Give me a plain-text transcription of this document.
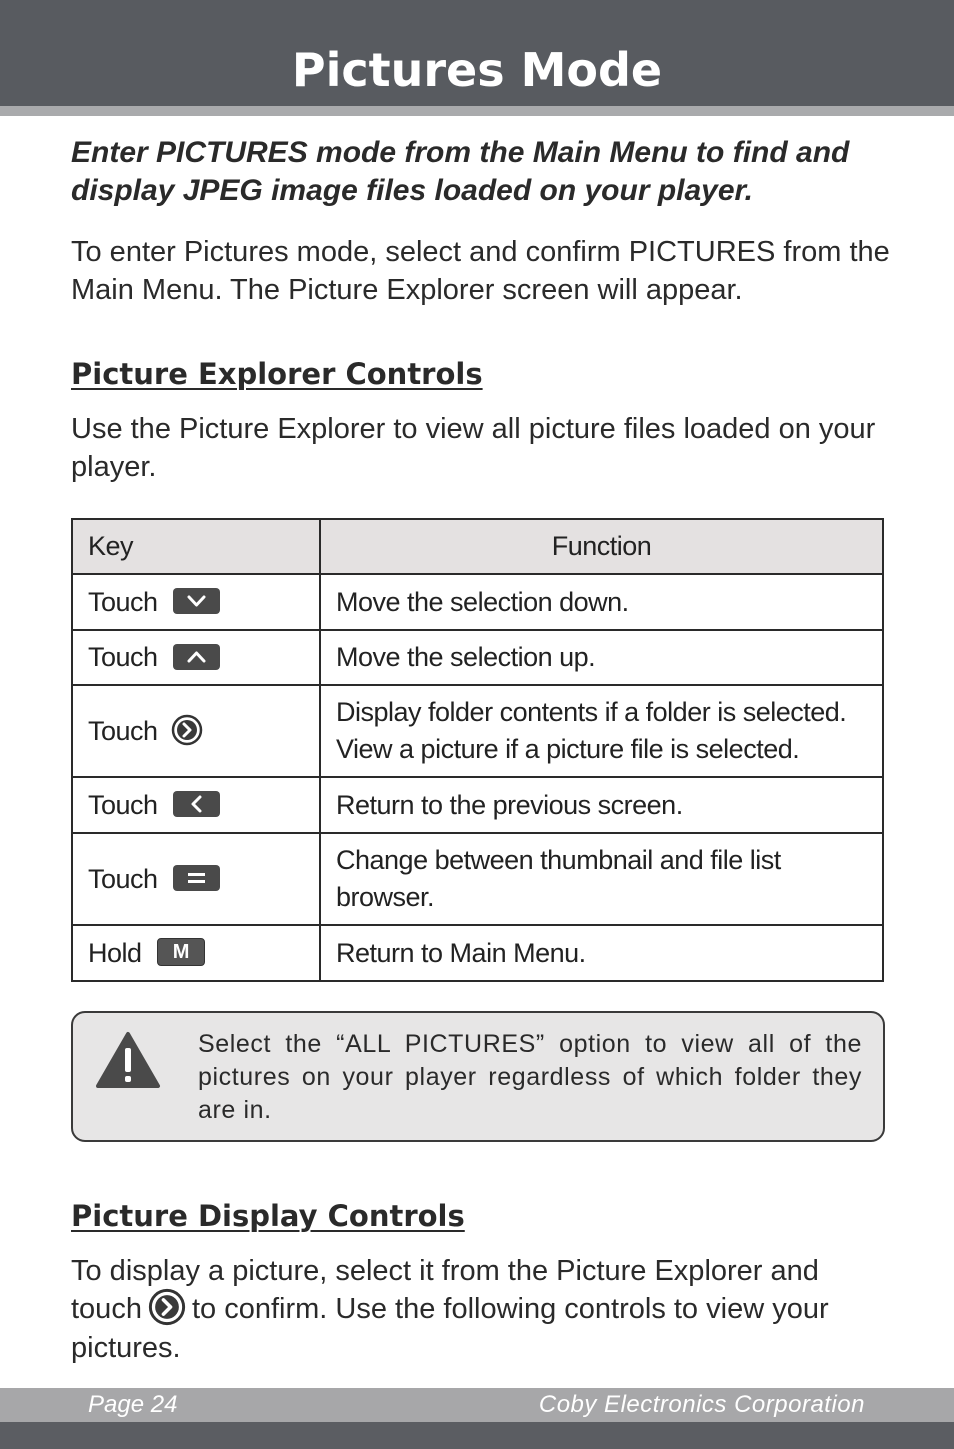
Pictures Mode

Enter PICTURES mode from the Main Menu to find and display JPEG image files loaded on your player.

To enter Pictures mode, select and confirm PICTURES from the Main Menu. The Picture Explorer screen will appear.

Picture Explorer Controls

Use the Picture Explorer to view all picture files loaded on your player.

Key	Function
Touch	Move the selection down.
Touch	Move the selection up.
Touch	Display folder contents if a folder is selected.
View a picture if a picture file is selected.
Touch	Return to the previous screen.
Touch	Change between thumbnail and file list
browser.
Hold M	Return to Main Menu.

Select the “ALL PICTURES” option to view all of the pictures on your player regardless of which folder they are in.

Picture Display Controls

To display a picture, select it from the Picture Explorer and touch to confirm. Use the following controls to view your pictures.

Page 24	Coby Electronics Corporation
